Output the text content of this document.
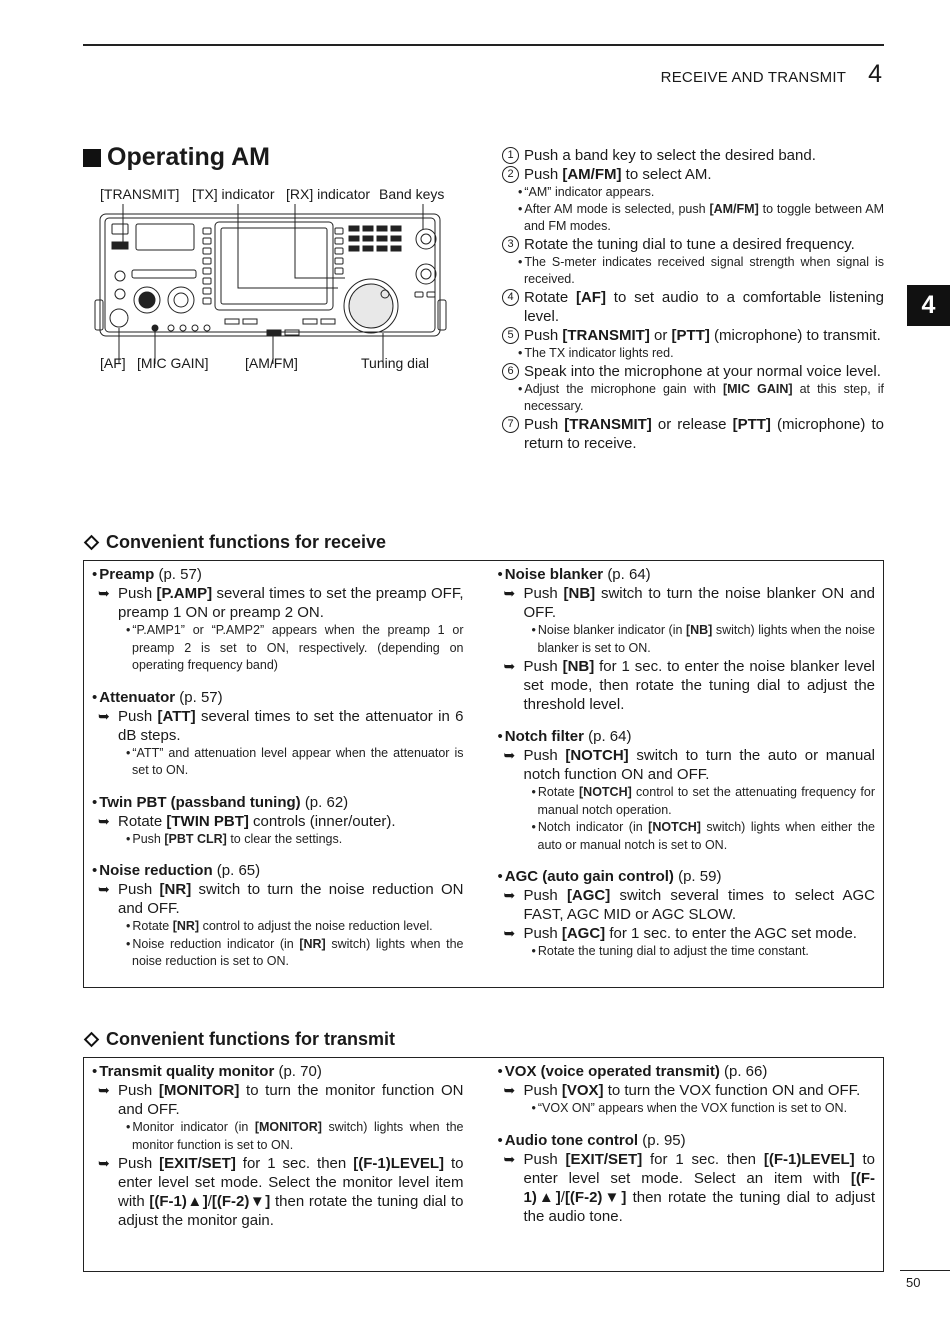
RECEIVE AND TRANSMIT 4
4
Operating AM
[TRANSMIT] [TX] indicator [RX] indicator Band keys
[AF] [MIC GAIN]	[AM/FM]	Tuning dial
1 Push a band key to select the desired band.
2 Push [AM/FM] to select AM.
• “AM” indicator appears.
• After AM mode is selected, push [AM/FM] to toggle between AM and FM modes.
3 Rotate the tuning dial to tune a desired frequency.
• The S-meter indicates received signal strength when signal is received.
4 Rotate [AF] to set audio to a comfortable listening level.
5 Push [TRANSMIT] or [PTT] (microphone) to transmit.
• The TX indicator lights red.
6 Speak into the microphone at your normal voice level.
• Adjust the microphone gain with [MIC GAIN] at this step, if necessary.
7 Push [TRANSMIT] or release [PTT] (microphone) to return to receive.
Convenient functions for receive
• Preamp (p. 57)
➥ Push [P.AMP] several times to set the preamp OFF, preamp 1 ON or preamp 2 ON.
• “P.AMP1” or “P.AMP2” appears when the preamp 1 or preamp 2 is set to ON, respectively. (depending on operating frequency band)
• Attenuator (p. 57)
➥ Push [ATT] several times to set the attenuator in 6 dB steps.
• “ATT” and attenuation level appear when the attenuator is set to ON.
• Twin PBT (passband tuning) (p. 62)
➥ Rotate [TWIN PBT] controls (inner/outer).
• Push [PBT CLR] to clear the settings.
• Noise reduction (p. 65)
➥ Push [NR] switch to turn the noise reduction ON and OFF.
• Rotate [NR] control to adjust the noise reduction level.
• Noise reduction indicator (in [NR] switch) lights when the noise reduction is set to ON.
• Noise blanker (p. 64)
➥ Push [NB] switch to turn the noise blanker ON and OFF.
• Noise blanker indicator (in [NB] switch) lights when the noise blanker is set to ON.
➥ Push [NB] for 1 sec. to enter the noise blanker level set mode, then rotate the tuning dial to adjust the threshold level.
• Notch filter (p. 64)
➥ Push [NOTCH] switch to turn the auto or manual notch function ON and OFF.
• Rotate [NOTCH] control to set the attenuating frequency for manual notch operation.
• Notch indicator (in [NOTCH] switch) lights when either the auto or manual notch is set to ON.
• AGC (auto gain control) (p. 59)
➥ Push [AGC] switch several times to select AGC FAST, AGC MID or AGC SLOW.
➥ Push [AGC] for 1 sec. to enter the AGC set mode.
• Rotate the tuning dial to adjust the time constant.
Convenient functions for transmit
• Transmit quality monitor (p. 70)
➥ Push [MONITOR] to turn the monitor function ON and OFF.
• Monitor indicator (in [MONITOR] switch) lights when the monitor function is set to ON.
➥ Push [EXIT/SET] for 1 sec. then [(F-1)LEVEL] to enter level set mode. Select the monitor level item with [(F-1)▲]/[(F-2)▼] then rotate the tuning dial to adjust the monitor gain.
• VOX (voice operated transmit) (p. 66)
➥ Push [VOX] to turn the VOX function ON and OFF.
• “VOX ON” appears when the VOX function is set to ON.
• Audio tone control (p. 95)
➥ Push [EXIT/SET] for 1 sec. then [(F-1)LEVEL] to enter level set mode. Select an item with [(F-1)▲]/[(F-2)▼] then rotate the tuning dial to adjust the audio tone.
50
